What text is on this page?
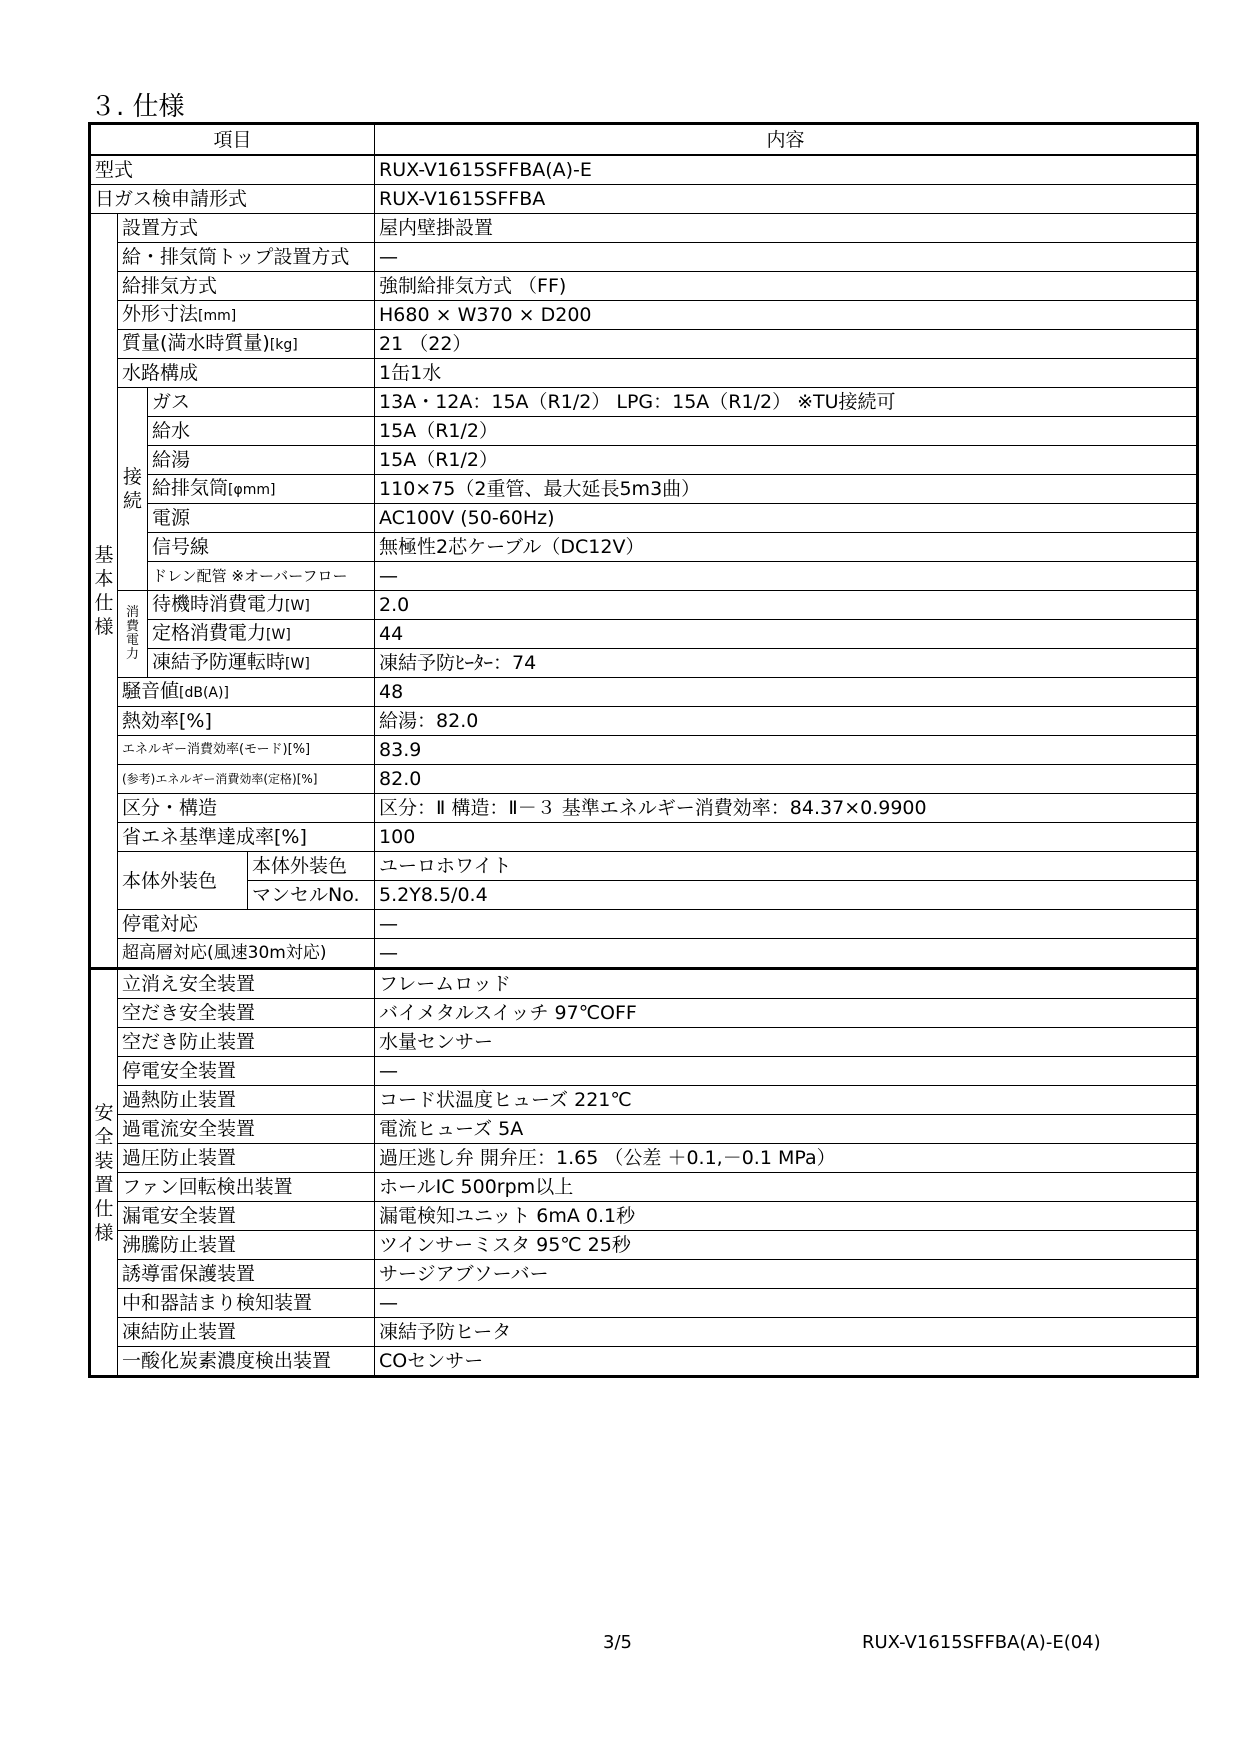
３. 仕様
項目				内容
型式				RUX-V1615SFFBA(A)-E
日ガス検申請形式				RUX-V1615SFFBA

基本仕様	設置方式			屋内壁掛設置
	給・排気筒トップ設置方式			—
	給排気方式			強制給排気方式 （FF)
	外形寸法[mm]			H680 × W370 × D200
	質量(満水時質量)[kg]			21 （22）
	水路構成			1缶1水

	接続	ガス		13A・12A：15A（R1/2） LPG：15A（R1/2） ※TU接続可
		給水		15A（R1/2）
		給湯		15A（R1/2）
		給排気筒[φmm]		110×75（2重管、最大延長5m3曲）
		電源		AC100V (50-60Hz)
		信号線		無極性2芯ケーブル（DC12V）
		ドレン配管 ※オーバーフロー		—

	消費電力	待機時消費電力[W]		2.0
		定格消費電力[W]		44
		凍結予防運転時[W]		凍結予防ﾋｰﾀｰ：74
	騒音値[dB(A)]			48
	熱効率[%]			給湯：82.0
	エネルギー消費効率(モード)[%]			83.9
	(参考)エネルギー消費効率(定格)[%]			82.0
	区分・構造			区分：Ⅱ 構造：Ⅱ－３ 基準エネルギー消費効率：84.37×0.9900
	省エネ基準達成率[%]			100
	本体外装色		本体外装色	ユーロホワイト
			マンセルNo.	5.2Y8.5/0.4
	停電対応			—
	超高層対応(風速30m対応)			—

安全装置仕様	立消え安全装置			フレームロッド
	空だき安全装置			バイメタルスイッチ 97℃OFF
	空だき防止装置			水量センサー
	停電安全装置			—
	過熱防止装置			コード状温度ヒューズ 221℃
	過電流安全装置			電流ヒューズ 5A
	過圧防止装置			過圧逃し弁 開弁圧：1.65 （公差 ＋0.1,－0.1 MPa）
	ファン回転検出装置			ホールIC 500rpm以上
	漏電安全装置			漏電検知ユニット 6mA 0.1秒
	沸騰防止装置			ツインサーミスタ 95℃ 25秒
	誘導雷保護装置			サージアブソーバー
	中和器詰まり検知装置			—
	凍結防止装置			凍結予防ヒータ
	一酸化炭素濃度検出装置			COセンサー
3/5	RUX-V1615SFFBA(A)-E(04)
